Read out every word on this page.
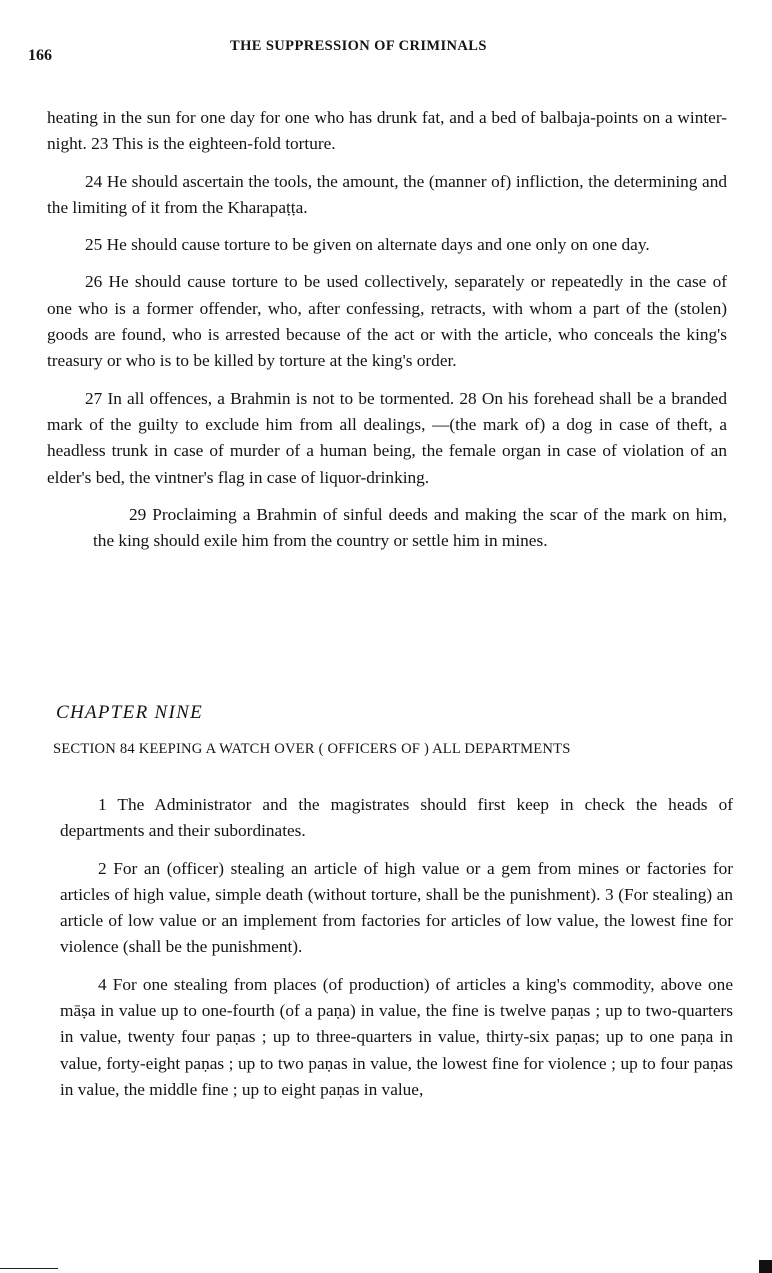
166
THE SUPPRESSION OF CRIMINALS

heating in the sun for one day for one who has drunk fat, and a bed of balbaja-points on a winter-night. 23 This is the eighteen-fold torture.

24 He should ascertain the tools, the amount, the (manner of) infliction, the determining and the limiting of it from the Kharapaṭṭa.

25 He should cause torture to be given on alternate days and one only on one day.

26 He should cause torture to be used collectively, separately or repeatedly in the case of one who is a former offender, who, after confessing, retracts, with whom a part of the (stolen) goods are found, who is arrested because of the act or with the article, who conceals the king's treasury or who is to be killed by torture at the king's order.

27 In all offences, a Brahmin is not to be tormented. 28 On his forehead shall be a branded mark of the guilty to exclude him from all dealings, —(the mark of) a dog in case of theft, a headless trunk in case of murder of a human being, the female organ in case of violation of an elder's bed, the vintner's flag in case of liquor-drinking.

29 Proclaiming a Brahmin of sinful deeds and making the scar of the mark on him, the king should exile him from the country or settle him in mines.

CHAPTER NINE
SECTION 84 KEEPING A WATCH OVER ( OFFICERS OF ) ALL DEPARTMENTS

1 The Administrator and the magistrates should first keep in check the heads of departments and their subordinates.

2 For an (officer) stealing an article of high value or a gem from mines or factories for articles of high value, simple death (without torture, shall be the punishment). 3 (For stealing) an article of low value or an implement from factories for articles of low value, the lowest fine for violence (shall be the punishment).

4 For one stealing from places (of production) of articles a king's commodity, above one māṣa in value up to one-fourth (of a paṇa) in value, the fine is twelve paṇas ; up to two-quarters in value, twenty four paṇas ; up to three-quarters in value, thirty-six paṇas; up to one paṇa in value, forty-eight paṇas ; up to two paṇas in value, the lowest fine for violence ; up to four paṇas in value, the middle fine ; up to eight paṇas in value,
